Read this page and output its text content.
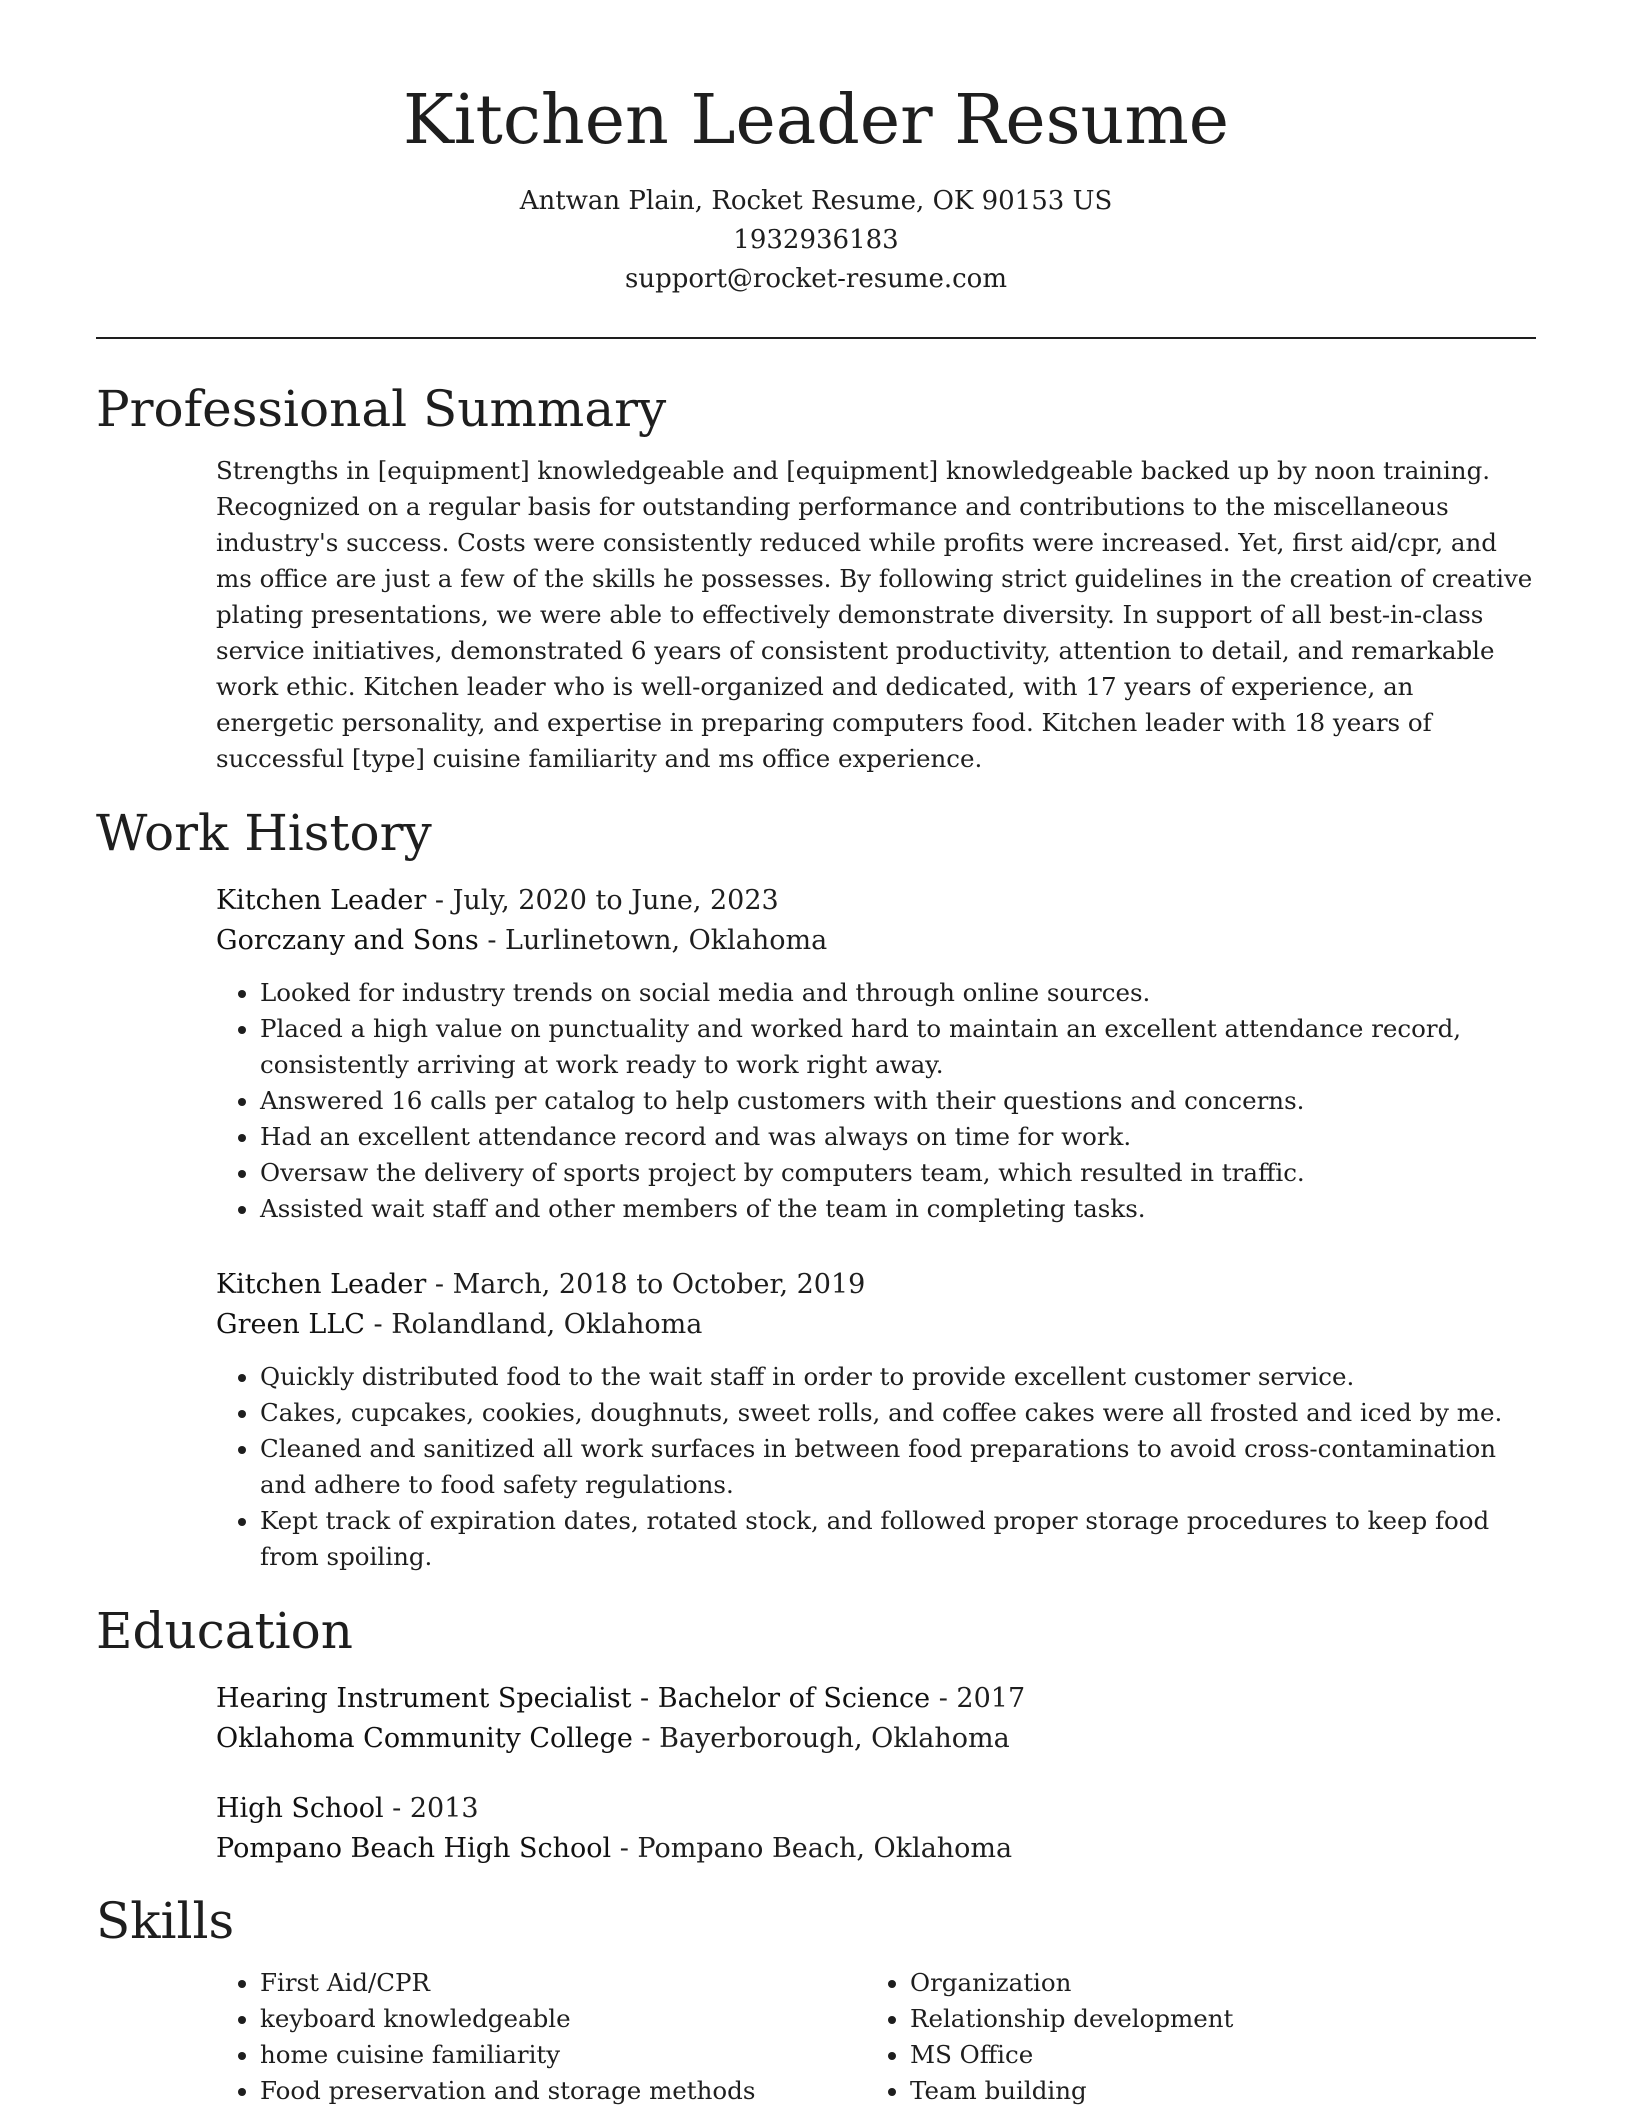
Kitchen Leader Resume
Antwan Plain, Rocket Resume, OK 90153 US
1932936183
support@rocket-resume.com
Professional Summary

Strengths in [equipment] knowledgeable and [equipment] knowledgeable backed up by noon training. Recognized on a regular basis for outstanding performance and contributions to the miscellaneous industry's success. Costs were consistently reduced while profits were increased. Yet, first aid/cpr, and ms office are just a few of the skills he possesses. By following strict guidelines in the creation of creative plating presentations, we were able to effectively demonstrate diversity. In support of all best-in-class service initiatives, demonstrated 6 years of consistent productivity, attention to detail, and remarkable work ethic. Kitchen leader who is well-organized and dedicated, with 17 years of experience, an energetic personality, and expertise in preparing computers food. Kitchen leader with 18 years of successful [type] cuisine familiarity and ms office experience.

Work History
Kitchen Leader - July, 2020 to June, 2023
Gorczany and Sons - Lurlinetown, Oklahoma
• Looked for industry trends on social media and through online sources.
• Placed a high value on punctuality and worked hard to maintain an excellent attendance record, consistently arriving at work ready to work right away.
• Answered 16 calls per catalog to help customers with their questions and concerns.
• Had an excellent attendance record and was always on time for work.
• Oversaw the delivery of sports project by computers team, which resulted in traffic.
• Assisted wait staff and other members of the team in completing tasks.
Kitchen Leader - March, 2018 to October, 2019
Green LLC - Rolandland, Oklahoma
• Quickly distributed food to the wait staff in order to provide excellent customer service.
• Cakes, cupcakes, cookies, doughnuts, sweet rolls, and coffee cakes were all frosted and iced by me.
• Cleaned and sanitized all work surfaces in between food preparations to avoid cross-contamination and adhere to food safety regulations.
• Kept track of expiration dates, rotated stock, and followed proper storage procedures to keep food from spoiling.
Education
Hearing Instrument Specialist - Bachelor of Science - 2017
Oklahoma Community College - Bayerborough, Oklahoma
High School - 2013
Pompano Beach High School - Pompano Beach, Oklahoma
Skills
• First Aid/CPR
• keyboard knowledgeable
• home cuisine familiarity
• Food preservation and storage methods
• Organization
• Relationship development
• MS Office
• Team building
